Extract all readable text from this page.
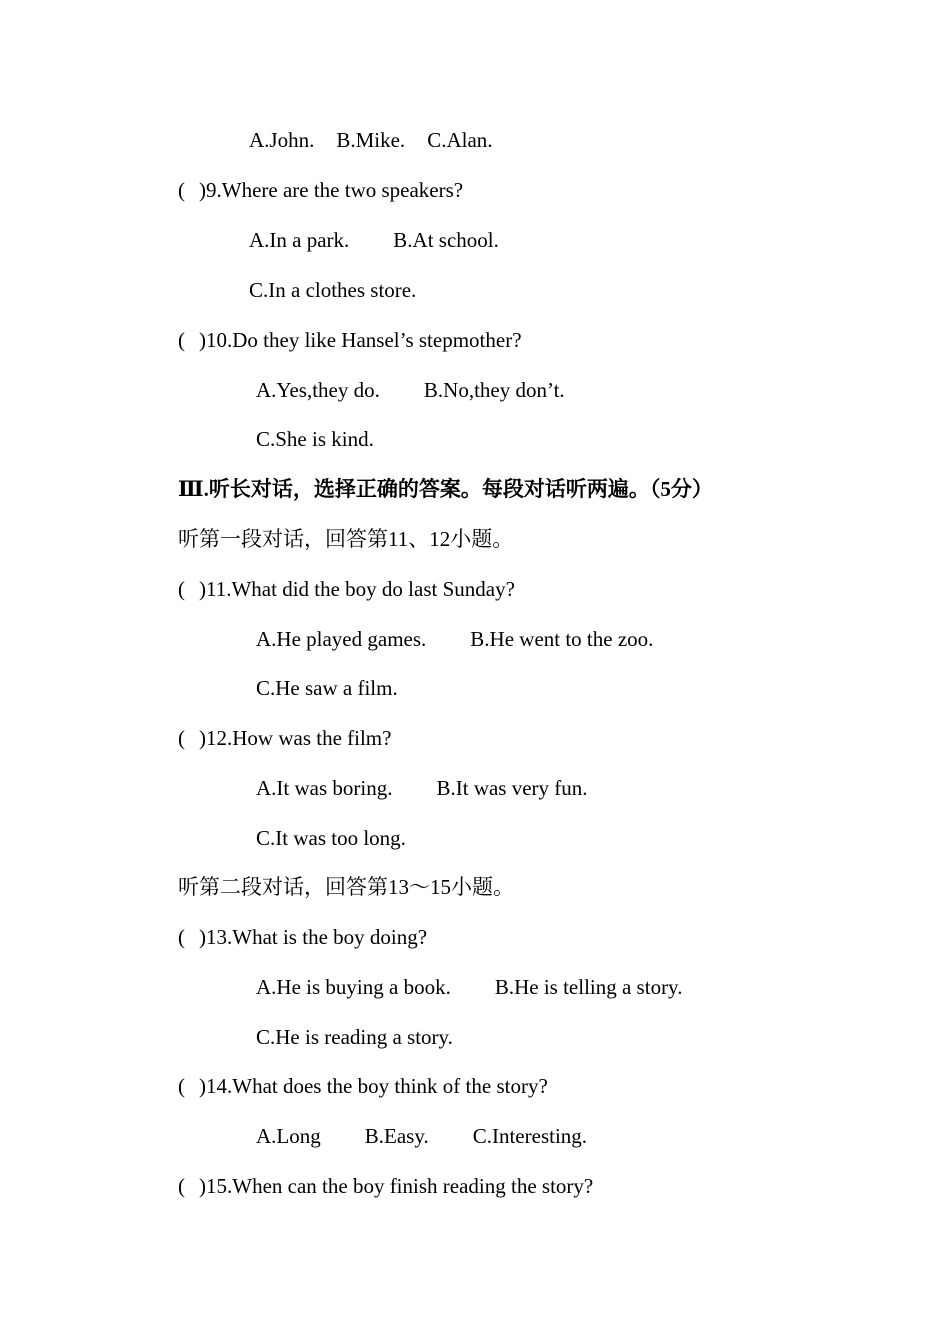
A.John. B.Mike. C.Alan.
( )9.Where are the two speakers?
A.In a park. B.At school.
C.In a clothes store.
( )10.Do they like Hansel’s stepmother?
A.Yes,they do. B.No,they don’t.
C.She is kind.
Ⅲ.听长对话，选择正确的答案。每段对话听两遍。（5分）
听第一段对话，回答第11、12小题。
( )11.What did the boy do last Sunday?
A.He played games. B.He went to the zoo.
C.He saw a film.
( )12.How was the film?
A.It was boring. B.It was very fun.
C.It was too long.
听第二段对话，回答第13～15小题。
( )13.What is the boy doing?
A.He is buying a book. B.He is telling a story.
C.He is reading a story.
( )14.What does the boy think of the story?
A.Long B.Easy. C.Interesting.
( )15.When can the boy finish reading the story?
